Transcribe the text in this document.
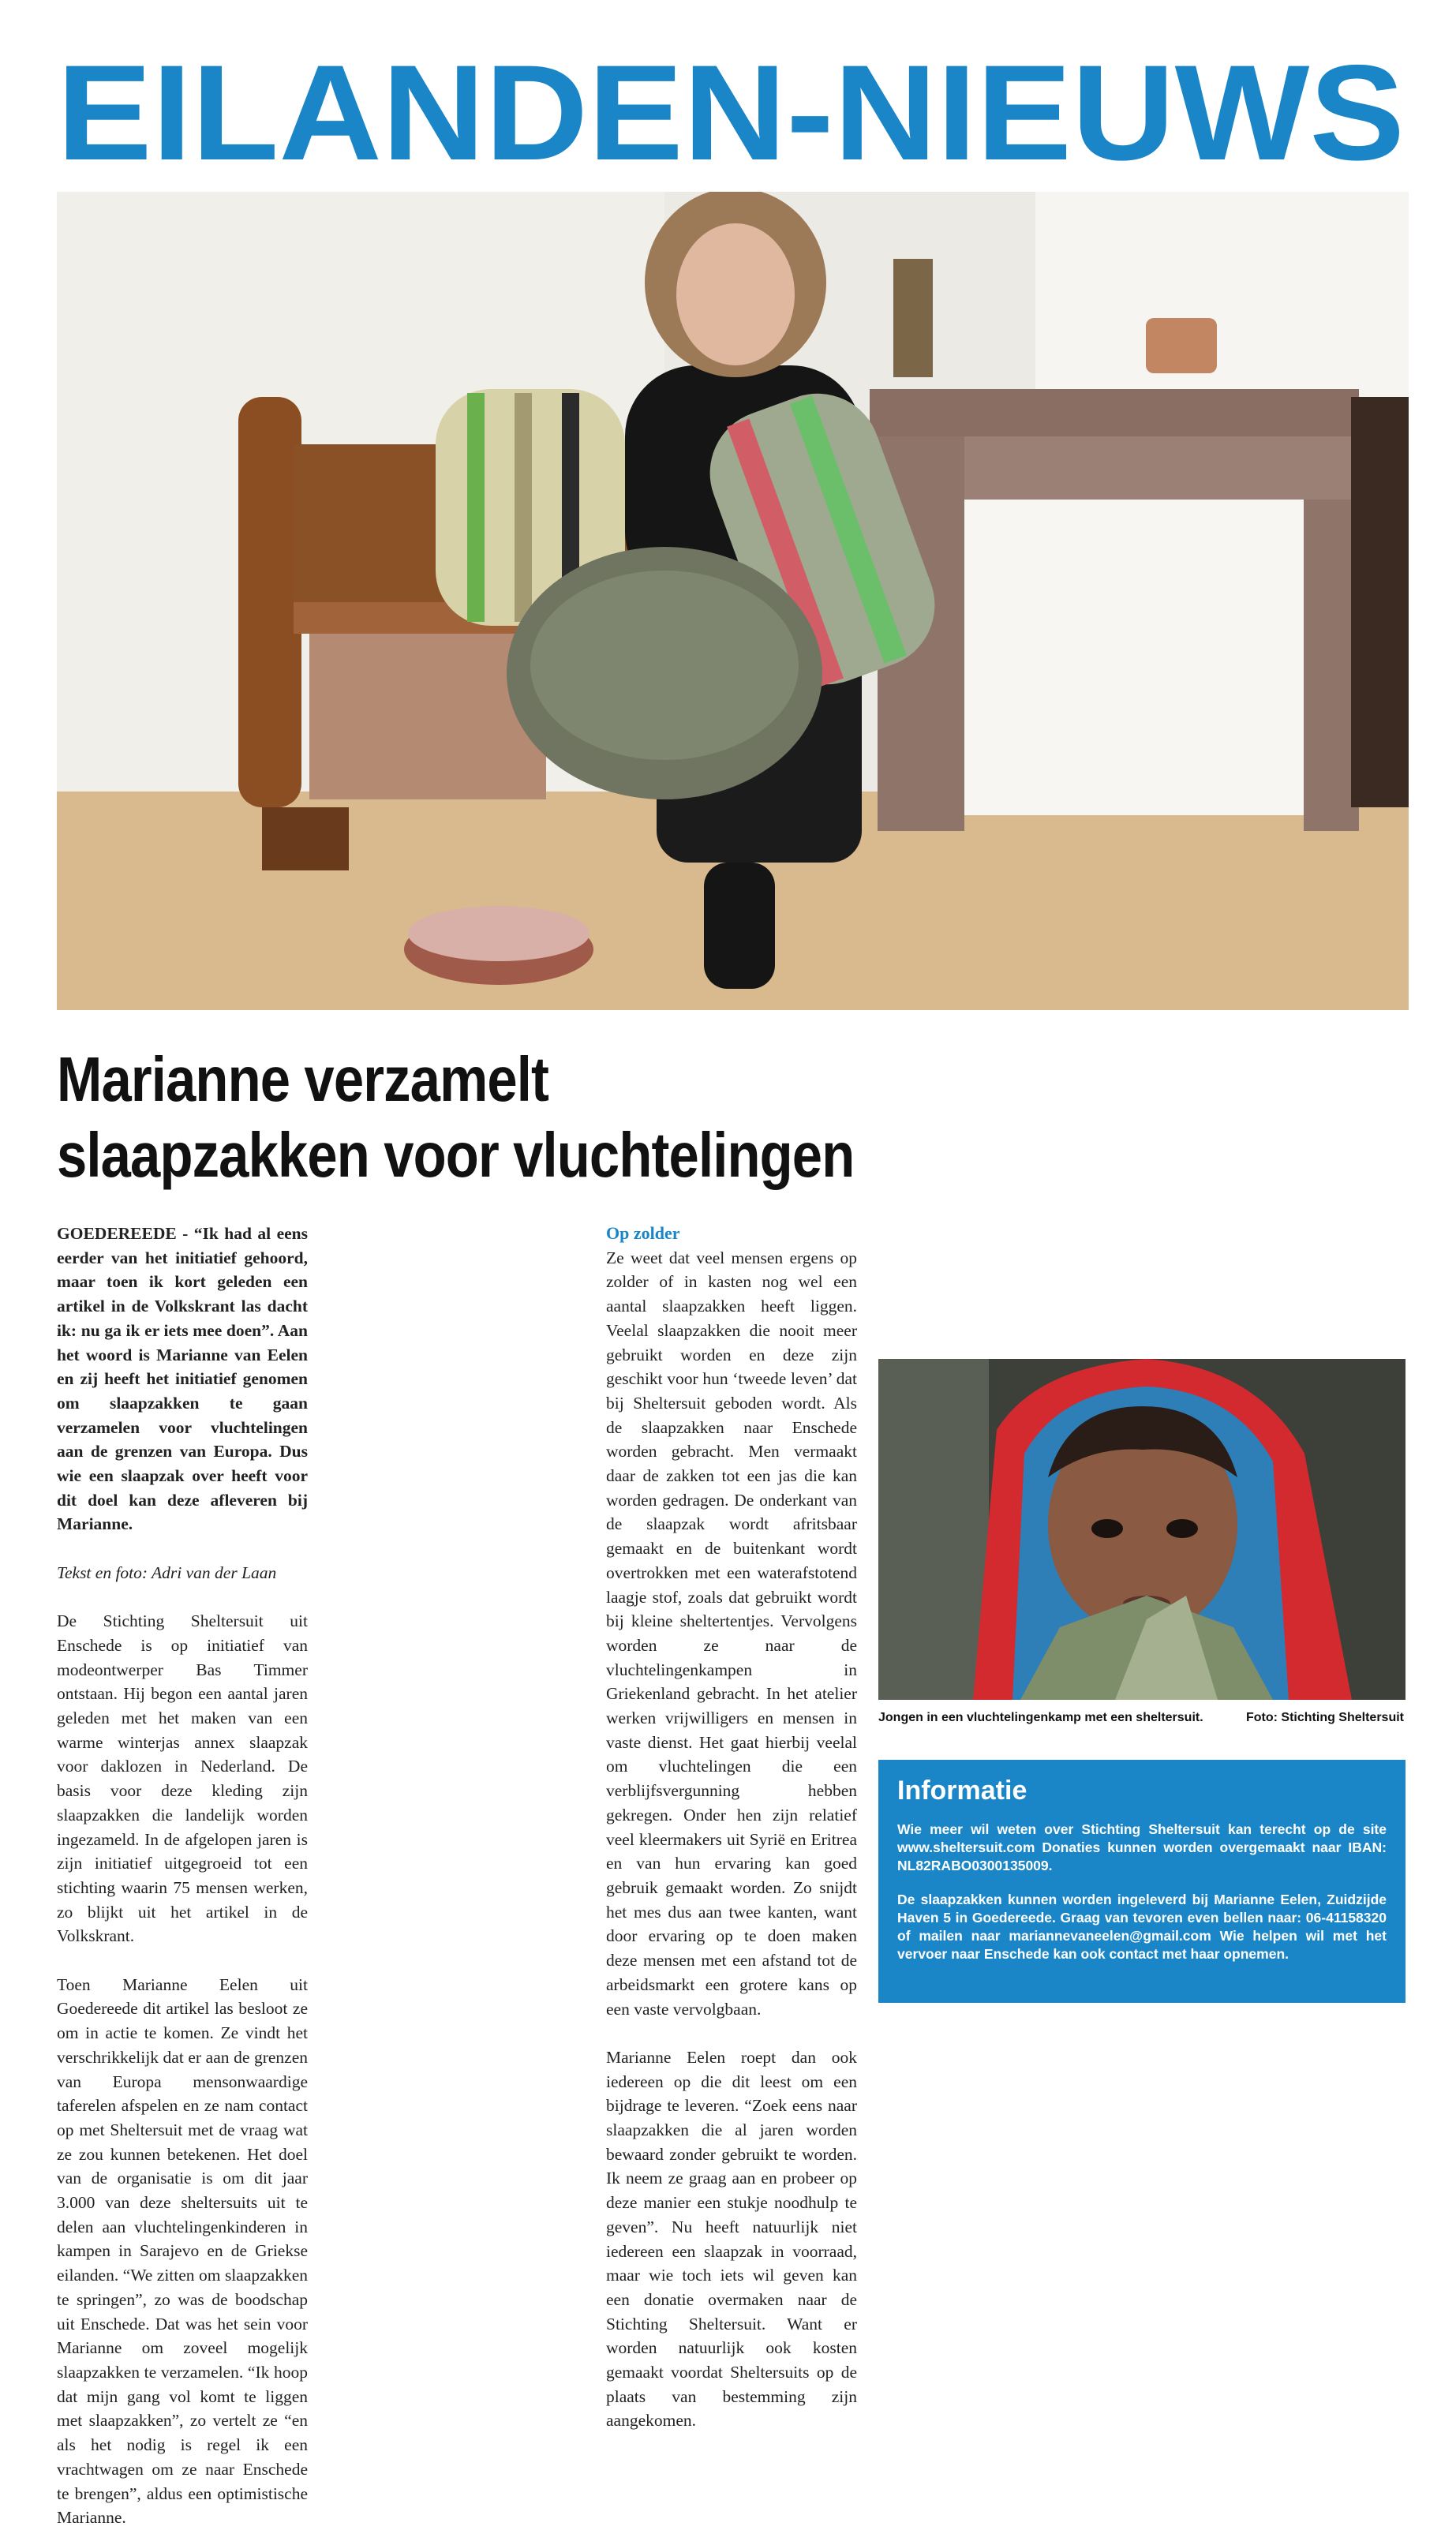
EILANDEN-NIEUWS
Marianne verzamelt
slaapzakken voor vluchtelingen

GOEDEREEDE - “Ik had al eens eerder van het initiatief gehoord, maar toen ik kort geleden een artikel in de Volkskrant las dacht ik: nu ga ik er iets mee doen”. Aan het woord is Marianne van Eelen en zij heeft het initiatief genomen om slaapzakken te gaan verzamelen voor vluchtelingen aan de grenzen van Europa. Dus wie een slaapzak over heeft voor dit doel kan deze afleveren bij Marianne.

Tekst en foto: Adri van der Laan

De Stichting Sheltersuit uit Enschede is op initiatief van modeontwerper Bas Timmer ontstaan. Hij begon een aantal jaren geleden met het maken van een warme winterjas annex slaapzak voor daklozen in Nederland. De basis voor deze kleding zijn slaapzakken die landelijk worden ingezameld. In de afgelopen jaren is zijn initiatief uitgegroeid tot een stichting waarin 75 mensen werken, zo blijkt uit het artikel in de Volkskrant.

Toen Marianne Eelen uit Goedereede dit artikel las besloot ze om in actie te komen. Ze vindt het verschrikkelijk dat er aan de grenzen van Europa mensonwaardige taferelen afspelen en ze nam contact op met Sheltersuit met de vraag wat ze zou kunnen betekenen. Het doel van de organisatie is om dit jaar 3.000 van deze sheltersuits uit te delen aan vluchtelingenkinderen in kampen in Sarajevo en de Griekse eilanden. “We zitten om slaapzakken te springen”, zo was de boodschap uit Enschede. Dat was het sein voor Marianne om zoveel mogelijk slaapzakken te verzamelen. “Ik hoop dat mijn gang vol komt te liggen met slaapzakken”, zo vertelt ze “en als het nodig is regel ik een vrachtwagen om ze naar Enschede te brengen”, aldus een optimistische Marianne.

Op zolder

Ze weet dat veel mensen ergens op zolder of in kasten nog wel een aantal slaapzakken heeft liggen. Veelal slaapzakken die nooit meer gebruikt worden en deze zijn geschikt voor hun ‘tweede leven’ dat bij Sheltersuit geboden wordt. Als de slaapzakken naar Enschede worden gebracht. Men vermaakt daar de zakken tot een jas die kan worden gedragen. De onderkant van de slaapzak wordt afritsbaar gemaakt en de buitenkant wordt overtrokken met een waterafstotend laagje stof, zoals dat gebruikt wordt bij kleine sheltertentjes. Vervolgens worden ze naar de vluchtelingenkampen in Griekenland gebracht. In het atelier werken vrijwilligers en mensen in vaste dienst. Het gaat hierbij veelal om vluchtelingen die een verblijfsvergunning hebben gekregen. Onder hen zijn relatief veel kleermakers uit Syrië en Eritrea en van hun ervaring kan goed gebruik gemaakt worden. Zo snijdt het mes dus aan twee kanten, want door ervaring op te doen maken deze mensen met een afstand tot de arbeidsmarkt een grotere kans op een vaste vervolgbaan.

Marianne Eelen roept dan ook iedereen op die dit leest om een bijdrage te leveren. “Zoek eens naar slaapzakken die al jaren worden bewaard zonder gebruikt te worden. Ik neem ze graag aan en probeer op deze manier een stukje noodhulp te geven”. Nu heeft natuurlijk niet iedereen een slaapzak in voorraad, maar wie toch iets wil geven kan een donatie overmaken naar de Stichting Sheltersuit. Want er worden natuurlijk ook kosten gemaakt voordat Sheltersuits op de plaats van bestemming zijn aangekomen.

Jongen in een vluchtelingenkamp met een sheltersuit.	Foto: Stichting Sheltersuit

Informatie

Wie meer wil weten over Stichting Sheltersuit kan terecht op de site www.sheltersuit.com Donaties kunnen worden overgemaakt naar IBAN: NL82RABO0300135009.

De slaapzakken kunnen worden ingeleverd bij Marianne Eelen, Zuidzijde Haven 5 in Goedereede. Graag van tevoren even bellen naar: 06-41158320 of mailen naar mariannevaneelen@gmail.com Wie helpen wil met het vervoer naar Enschede kan ook contact met haar opnemen.
